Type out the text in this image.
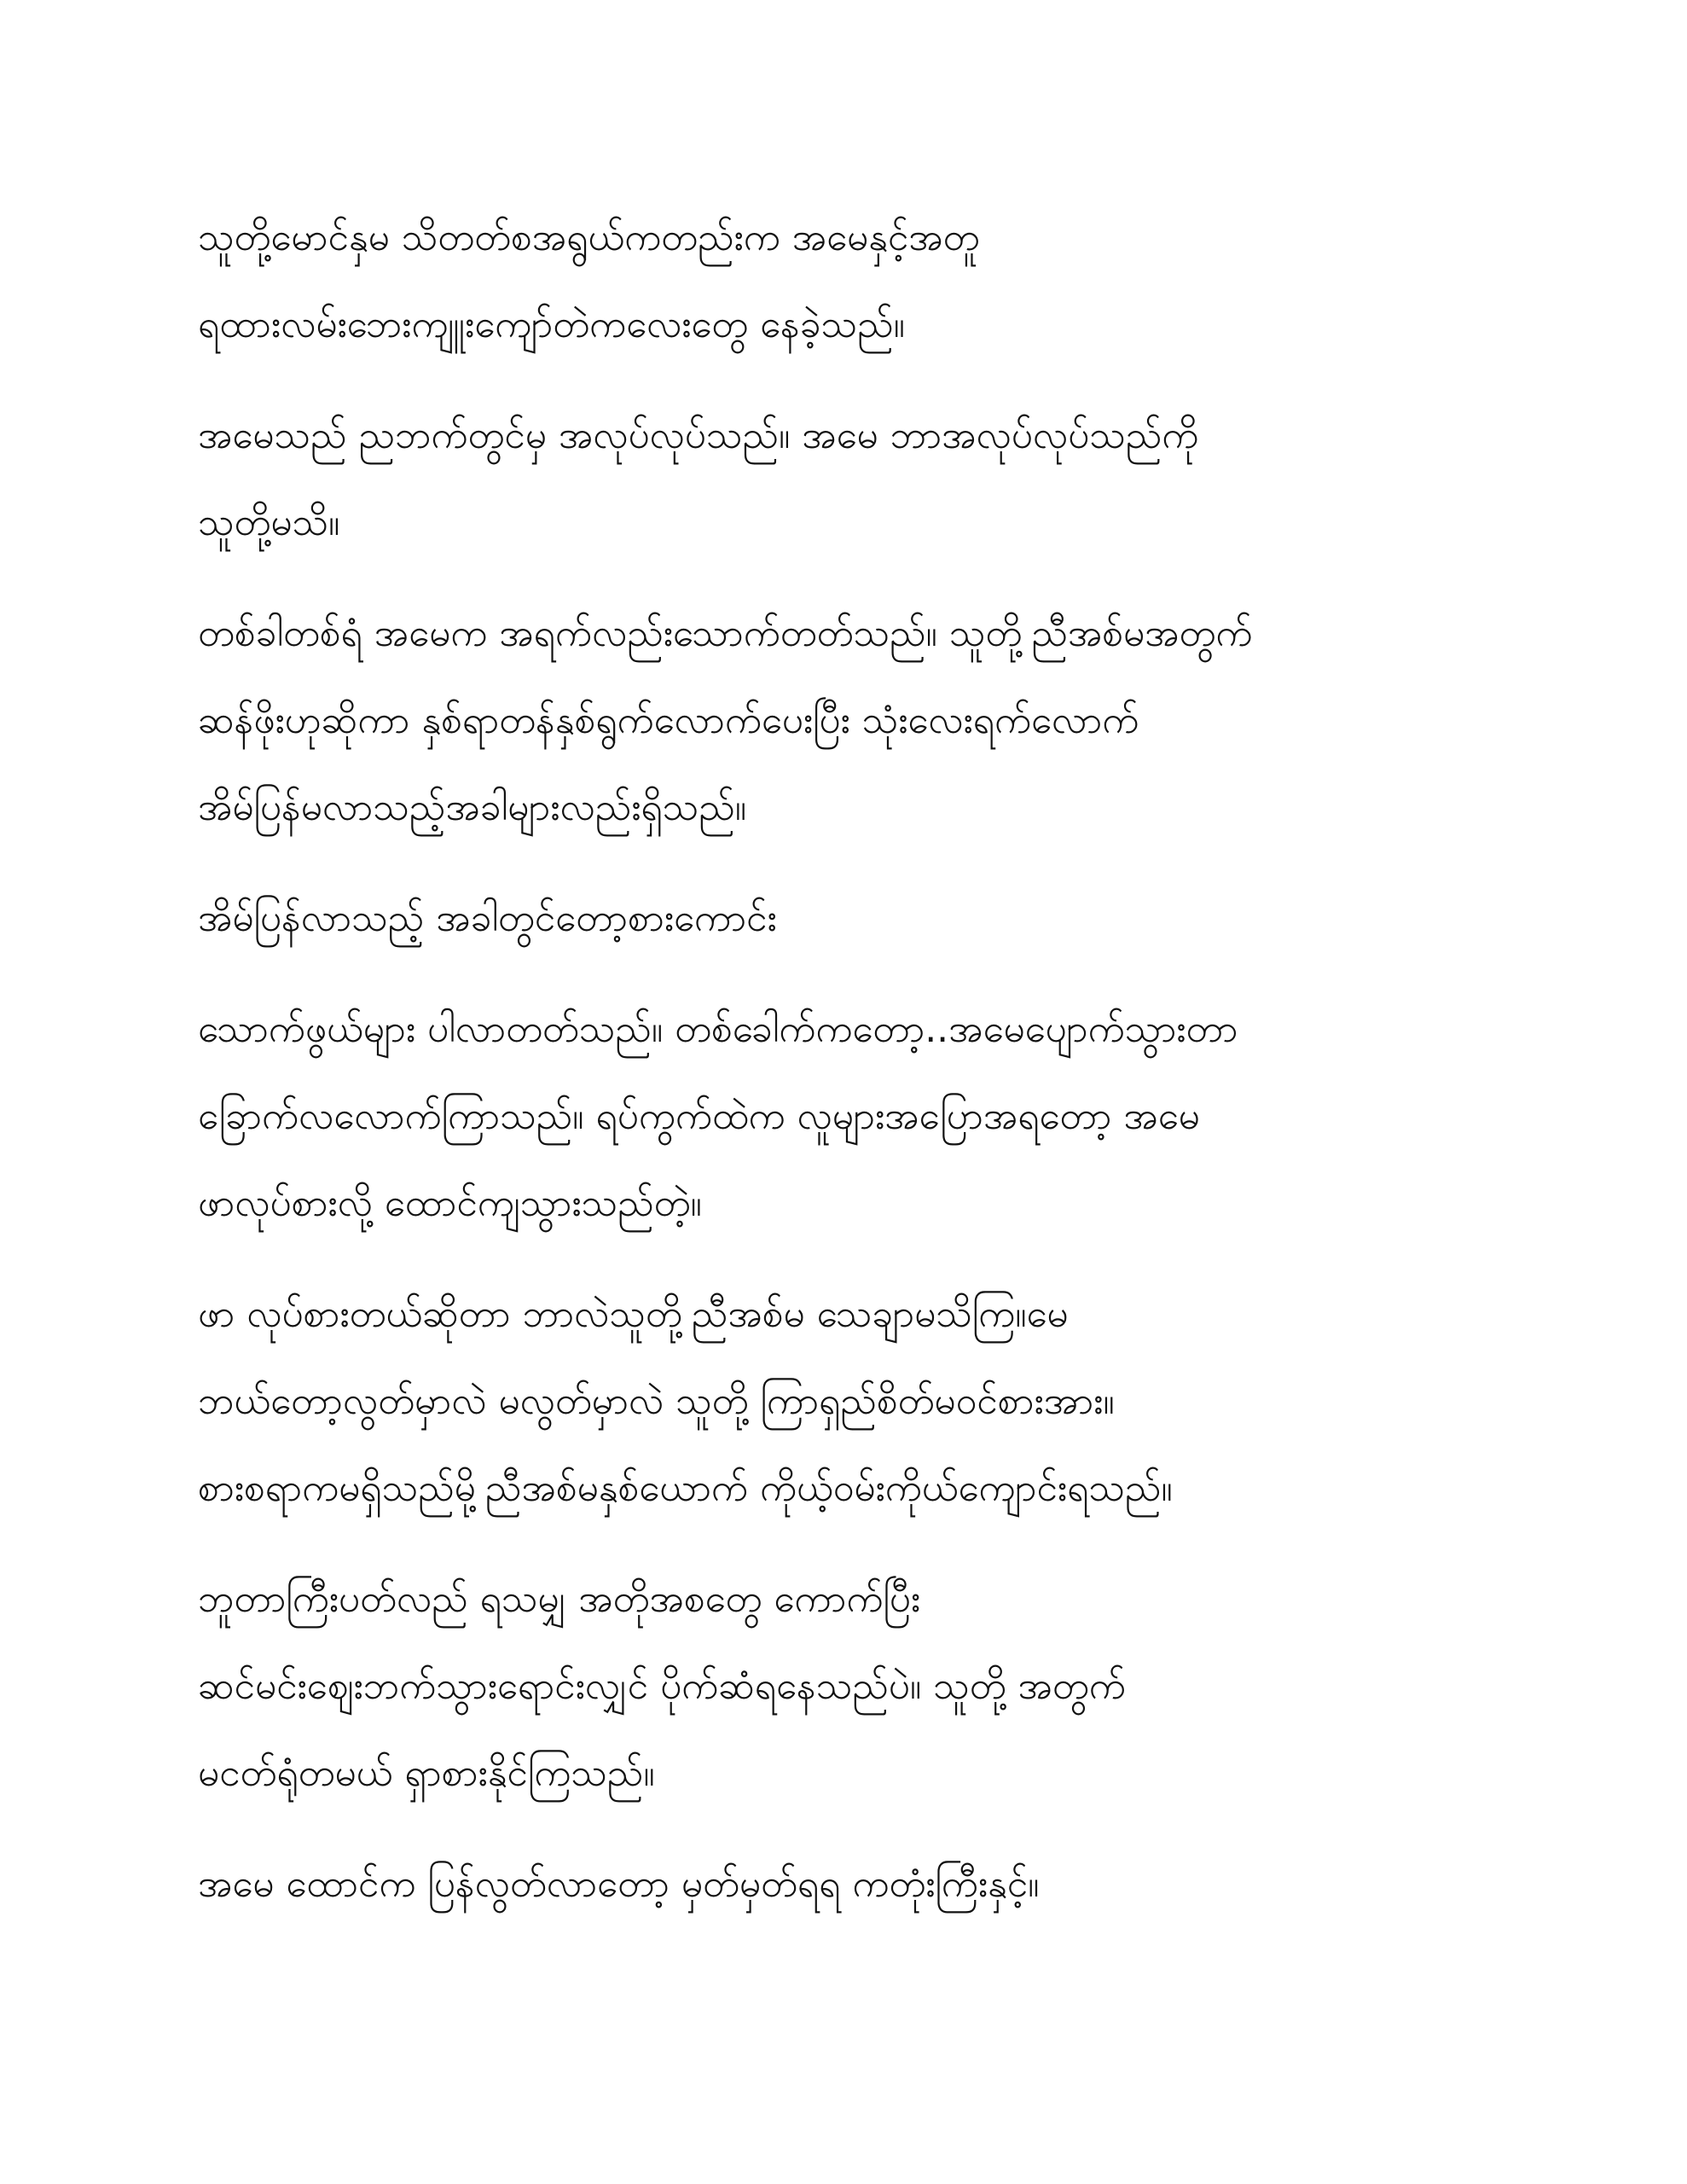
သူတို့မောင်နှမ သိတတ်စအရွယ်ကတည်းက အမေနှင့်အတူ
ရထားလမ်းဘေးကျူးကျော်တဲကလေးတွေ နေခဲ့သည်။
အမေသည် ညဘက်တွင်မှ အလုပ်လုပ်သည်။ အမေ ဘာအလုပ်လုပ်သည်ကို
သူတို့မသိ။
တစ်ခါတစ်ရံ အမေက အရက်လည်းသောက်တတ်သည်။ သူတို့ညီအစ်မအတွက်
ဆန်ဖိုးဟုဆိုကာ နှစ်ရာတန်နှစ်ရွက်လောက်ပေးပြီး သုံးလေးရက်လောက်
အိမ်ပြန်မလာသည့်အခါများလည်းရှိသည်။
အိမ်ပြန်လာသည့် အခါတွင်တော့စားကောင်း
သောက်ဖွယ်များ ပါလာတတ်သည်။ တစ်ခေါက်ကတော့..အမေပျောက်သွားတာ
ခြောက်လလောက်ကြာသည်။ ရပ်ကွက်ထဲက လူများအပြောအရတော့ အမေ
ဖာလုပ်စားလို့ ထောင်ကျသွားသည်တဲ့။
ဖာ လုပ်စားတယ်ဆိုတာ ဘာလဲသူတို့ညီအစ်မ သေချာမသိကြ။မေ
ဘယ်တော့လွတ်မှာလဲ မလွတ်မှာလဲ သူတို့ ကြာရှည်စိတ်မဝင်စားအား။
စားစရာကမရှိသည်မို့ညီအစ်မနှစ်ယောက် ကိုယ့်ဝမ်းကိုယ်ကျောင်းရသည်။
ဘူတာကြီးပတ်လည် ရသမျှ အတိုအစတွေ ကောက်ပြီး
ဆင်မင်းဈေးဘက်သွားရောင်းလျှင် ပိုက်ဆံရနေသည်ပဲ။ သူတို့ အတွက်
မငတ်ရုံတမယ် ရှာစားနိုင်ကြသည်။
အမေ ထောင်က ပြန်လွတ်လာတော့ မှတ်မှတ်ရရ ကတုံးကြီးနှင့်။
